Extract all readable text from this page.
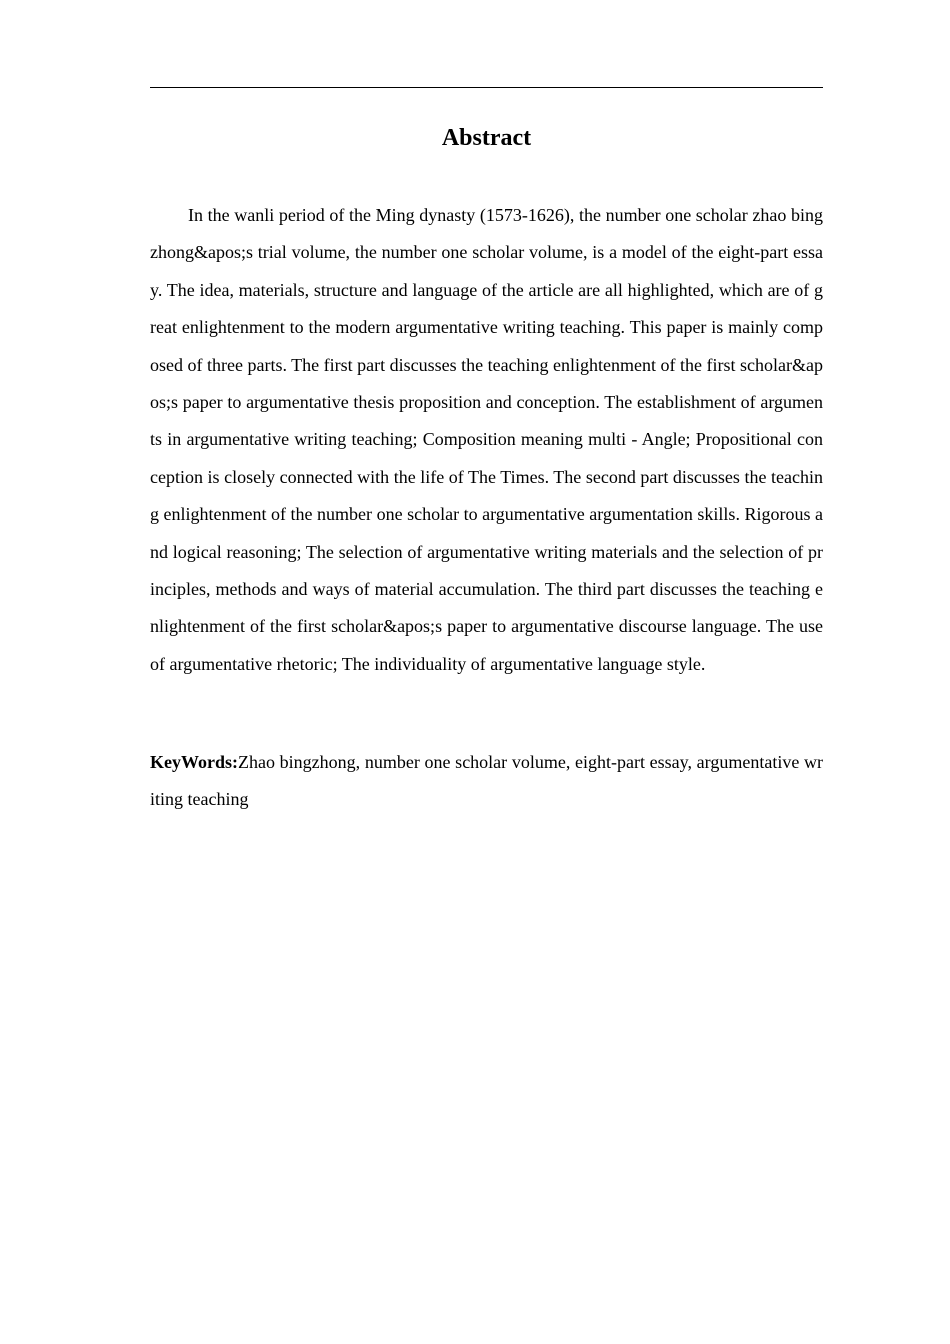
Abstract

In the wanli period of the Ming dynasty (1573-1626), the number one scholar zhao bingzhong&apos;s trial volume, the number one scholar volume, is a model of the eight-part essay. The idea, materials, structure and language of the article are all highlighted, which are of great enlightenment to the modern argumentative writing teaching. This paper is mainly composed of three parts. The first part discusses the teaching enlightenment of the first scholar&apos;s paper to argumentative thesis proposition and conception. The establishment of arguments in argumentative writing teaching; Composition meaning multi - Angle; Propositional conception is closely connected with the life of The Times. The second part discusses the teaching enlightenment of the number one scholar to argumentative argumentation skills. Rigorous and logical reasoning; The selection of argumentative writing materials and the selection of principles, methods and ways of material accumulation. The third part discusses the teaching enlightenment of the first scholar&apos;s paper to argumentative discourse language. The use of argumentative rhetoric; The individuality of argumentative language style.

KeyWords:Zhao bingzhong, number one scholar volume, eight-part essay, argumentative writing teaching
